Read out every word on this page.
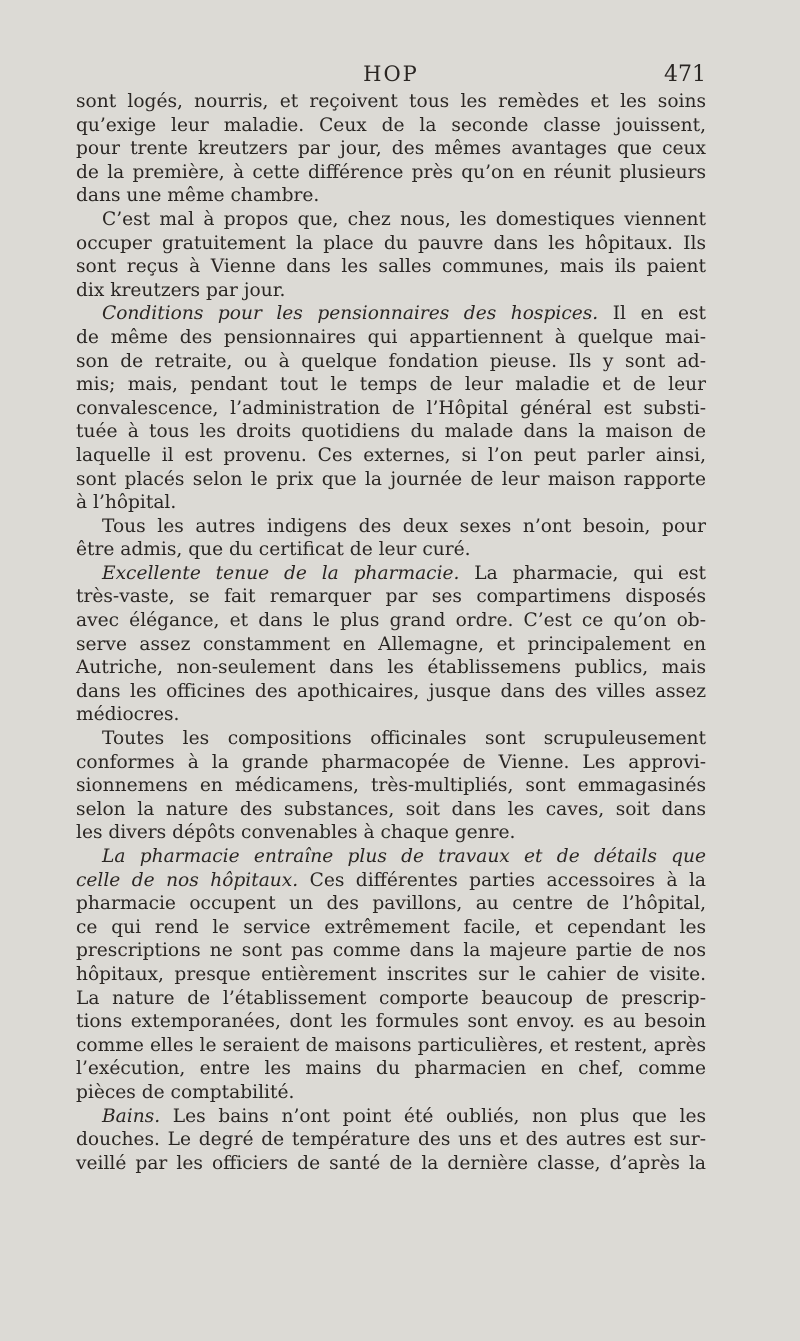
HOP	471
sont logés, nourris, et reçoivent tous les remèdes et les soins
qu’exige leur maladie. Ceux de la seconde classe jouissent,
pour trente kreutzers par jour, des mêmes avantages que ceux
de la première, à cette différence près qu’on en réunit plusieurs
dans une même chambre.
C’est mal à propos que, chez nous, les domestiques viennent
occuper gratuitement la place du pauvre dans les hôpitaux. Ils
sont reçus à Vienne dans les salles communes, mais ils paient
dix kreutzers par jour.
Conditions pour les pensionnaires des hospices. Il en est
de même des pensionnaires qui appartiennent à quelque mai-
son de retraite, ou à quelque fondation pieuse. Ils y sont ad-
mis; mais, pendant tout le temps de leur maladie et de leur
convalescence, l’administration de l’Hôpital général est substi-
tuée à tous les droits quotidiens du malade dans la maison de
laquelle il est provenu. Ces externes, si l’on peut parler ainsi,
sont placés selon le prix que la journée de leur maison rapporte
à l’hôpital.
Tous les autres indigens des deux sexes n’ont besoin, pour
être admis, que du certificat de leur curé.
Excellente tenue de la pharmacie. La pharmacie, qui est
très-vaste, se fait remarquer par ses compartimens disposés
avec élégance, et dans le plus grand ordre. C’est ce qu’on ob-
serve assez constamment en Allemagne, et principalement en
Autriche, non-seulement dans les établissemens publics, mais
dans les officines des apothicaires, jusque dans des villes assez
médiocres.
Toutes les compositions officinales sont scrupuleusement
conformes à la grande pharmacopée de Vienne. Les approvi-
sionnemens en médicamens, très-multipliés, sont emmagasinés
selon la nature des substances, soit dans les caves, soit dans
les divers dépôts convenables à chaque genre.
La pharmacie entraîne plus de travaux et de détails que
celle de nos hôpitaux. Ces différentes parties accessoires à la
pharmacie occupent un des pavillons, au centre de l’hôpital,
ce qui rend le service extrêmement facile, et cependant les
prescriptions ne sont pas comme dans la majeure partie de nos
hôpitaux, presque entièrement inscrites sur le cahier de visite.
La nature de l’établissement comporte beaucoup de prescrip-
tions extemporanées, dont les formules sont envoy. es au besoin
comme elles le seraient de maisons particulières, et restent, après
l’exécution, entre les mains du pharmacien en chef, comme
pièces de comptabilité.
Bains. Les bains n’ont point été oubliés, non plus que les
douches. Le degré de température des uns et des autres est sur-
veillé par les officiers de santé de la dernière classe, d’après la
